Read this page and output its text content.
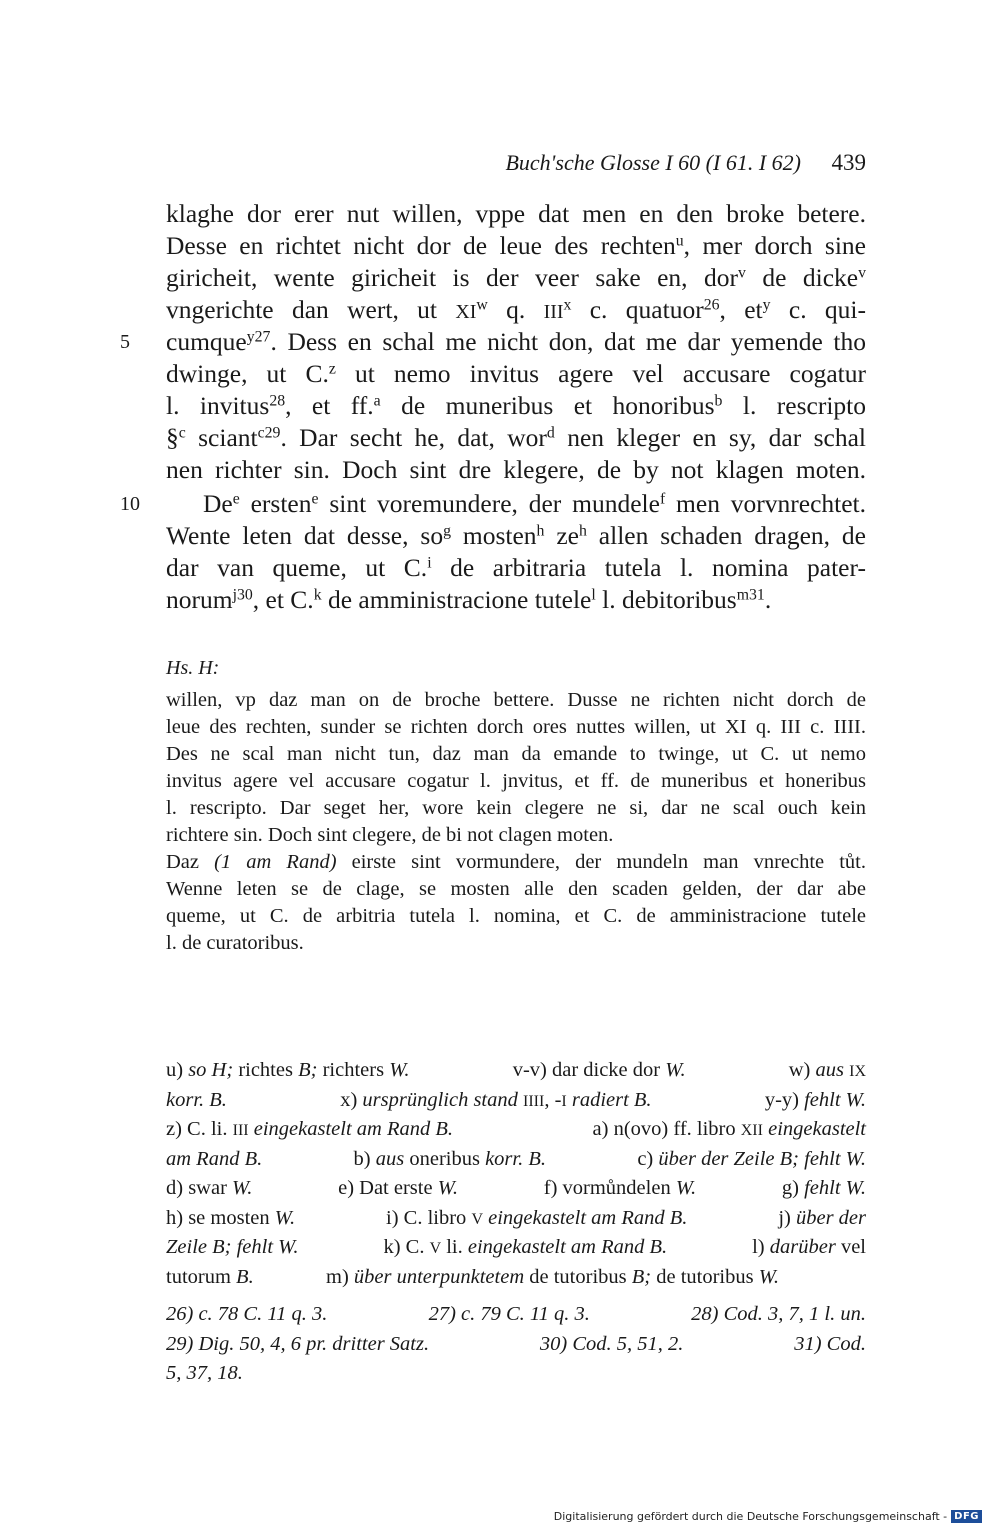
Buch'sche Glosse I 60 (I 61. I 62) 439
klaghe dor erer nut willen, vppe dat men en den broke betere.
Desse en richtet nicht dor de leue des rechten$^u$, mer dorch sine
giricheit, wente giricheit is der veer sake en, dor$^v$ de dicke$^v$
vngerichte dan wert, ut $XI^w$ q. III$^x$ c. quatuor$^{26}$, $et^y$ c. qui-
5	cumque$^{y27}$. Dess en schal me nicht don, dat me dar yemende tho
dwinge, ut C.$^z$ ut nemo invitus agere vel accusare cogatur
l. invitus$^{28}$, et ff.$^a$ de muneribus et honoribus$^b$ l. rescripto
§$^c$ sciant$^{c29}$. Dar secht he, dat, wor$^d$ nen kleger en sy, dar schal
nen richter sin. Doch sint dre klegere, de by not klagen moten.
10	De$^e$ ersten$^e$ sint voremundere, der mundele$^f$ men vorvnrechtet.
Wente leten dat desse, $so^g$ mosten$^h$ $ze^h$ allen schaden dragen, de
dar van queme, ut C.$^i$ de arbitraria tutela l. nomina pater-
norum$^{j30}$, et C.$^k$ de amministracione tutele$^l$ l. debitoribus$^{m31}$.
Hs. H:
willen, vp daz man on de broche bettere. Dusse ne richten nicht dorch de
leue des rechten, sunder se richten dorch ores nuttes willen, ut XI q. III c. IIII.
Des ne scal man nicht tun, daz man da emande to twinge, ut C. ut nemo
invitus agere vel accusare cogatur l. jnvitus, et ff. de muneribus et honeribus
l. rescripto. Dar seget her, wore kein clegere ne si, dar ne scal ouch kein
richtere sin. Doch sint clegere, de bi not clagen moten.
Daz (1 am Rand) eirste sint vormundere, der mundeln man vnrechte tůt.
Wenne leten se de clage, se mosten alle den scaden gelden, der dar abe
queme, ut C. de arbitria tutela l. nomina, et C. de amministracione tutele
l. de curatoribus.
u) so H; richtes B; richters W.	v-v) dar dicke dor W.	w) aus IX
korr. B.	x) ursprünglich stand IIII, -I radiert B.	y-y) fehlt W.
z) C. li. III eingekastelt am Rand B.	a) n(ovo) ff. libro XII eingekastelt
am Rand B.	b) aus oneribus korr. B.	c) über der Zeile B; fehlt W.
d) swar W.	e) Dat erste W.	f) vormůndelen W.	g) fehlt W.
h) se mosten W.	i) C. libro V eingekastelt am Rand B.	j) über der
Zeile B; fehlt W.	k) C. V li. eingekastelt am Rand B.	l) darüber vel
tutorum B.	m) über unterpunktetem de tutoribus B; de tutoribus W.
26) c. 78 C. 11 q. 3.	27) c. 79 C. 11 q. 3.	28) Cod. 3, 7, 1 l. un.
29) Dig. 50, 4, 6 pr. dritter Satz.	30) Cod. 5, 51, 2.	31) Cod.
5, 37, 18.
Digitalisierung gefördert durch die Deutsche Forschungsgemeinschaft - DFG
